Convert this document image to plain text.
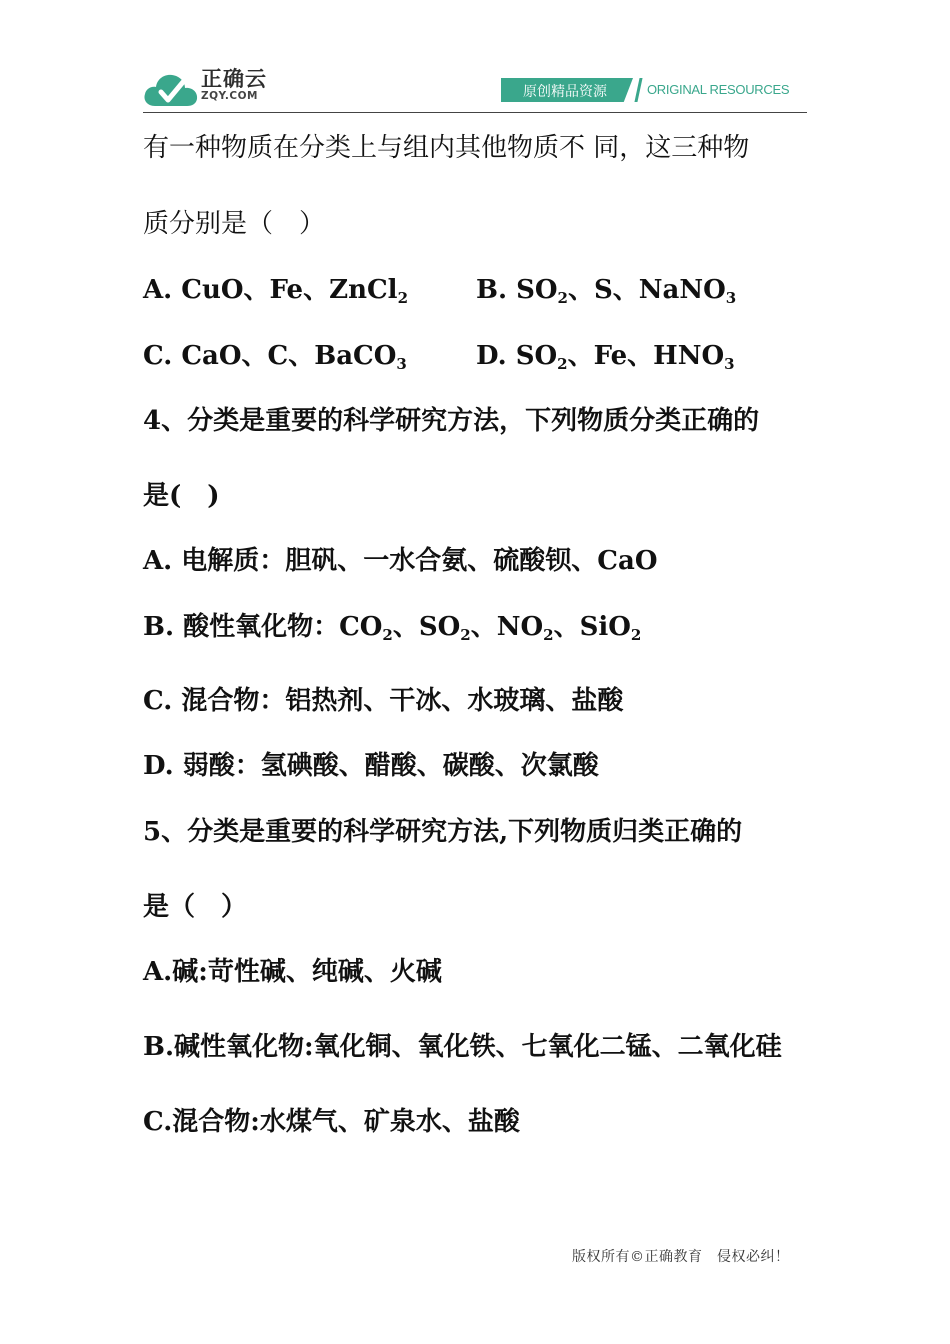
正确云
ZQY.COM	原创精品资源	ORIGINAL RESOURCES
有一种物质在分类上与组内其他物质不 同，这三种物
质分别是（　）
A. CuO、Fe、ZnCl$_2$	B. $SO_2$、S、NaNO$_3$
C. CaO、C、BaCO$_3$	D. $SO_2$、Fe、$HNO_3$
4、分类是重要的科学研究方法，下列物质分类正确的
是(　)
A. 电解质：胆矾、一水合氨、硫酸钡、CaO
B. 酸性氧化物：$CO_2$、$SO_2$、$NO_2$、SiO$_2$
C. 混合物：铝热剂、干冰、水玻璃、盐酸
D. 弱酸：氢碘酸、醋酸、碳酸、次氯酸
5、分类是重要的科学研究方法,下列物质归类正确的
是（　）
A.碱:苛性碱、纯碱、火碱
B.碱性氧化物:氧化铜、氧化铁、七氧化二锰、二氧化硅
C.混合物:水煤气、矿泉水、盐酸
版权所有©正确教育　侵权必纠！
